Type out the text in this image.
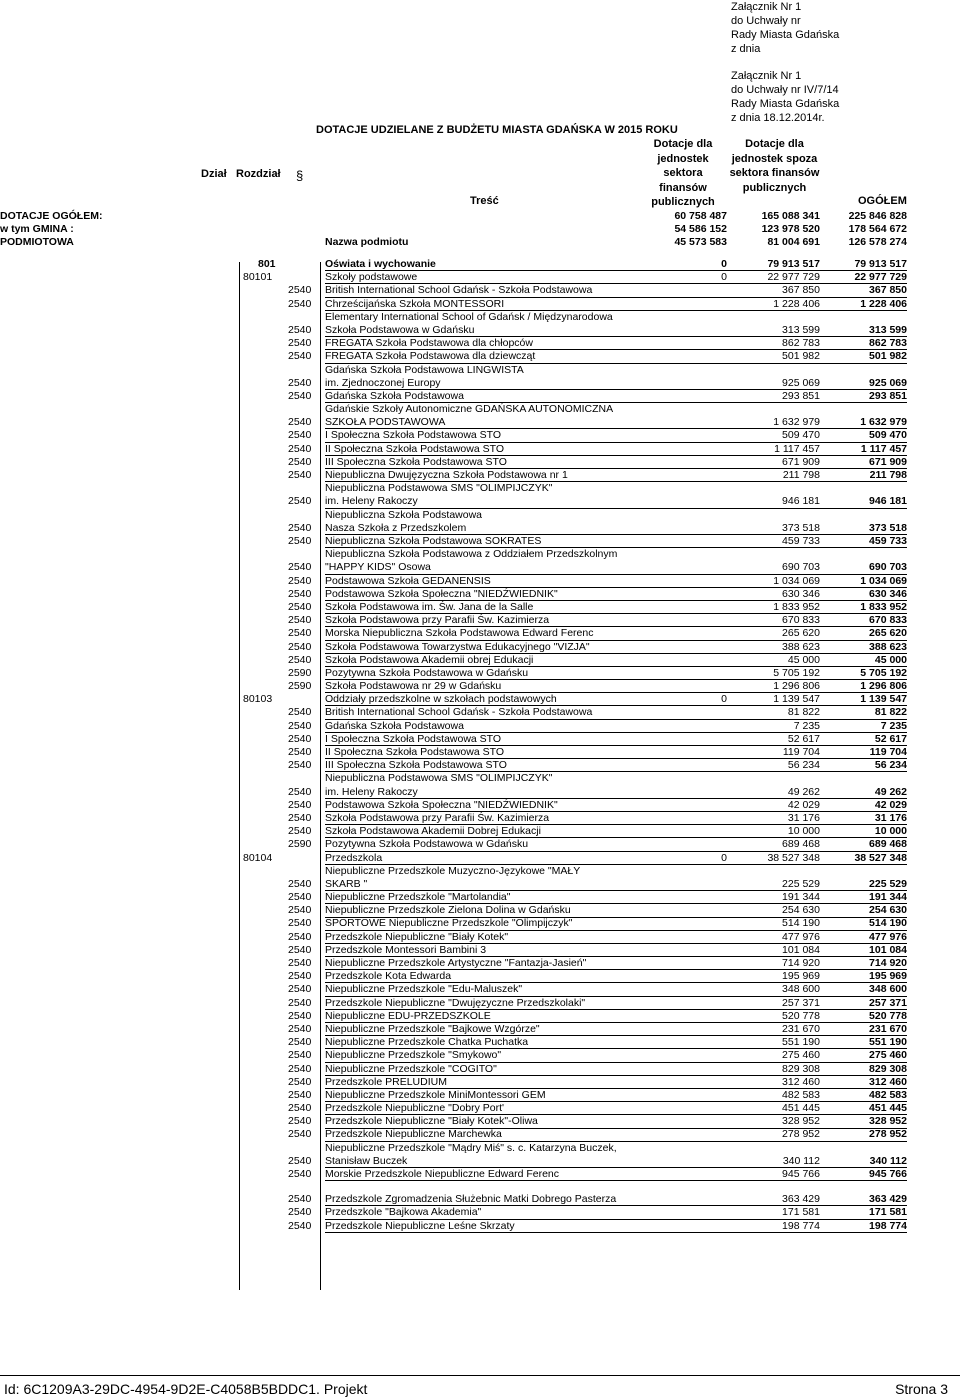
Załącznik Nr 1
do Uchwały nr
Rady Miasta Gdańska
z dnia
Załącznik Nr 1
do Uchwały nr IV/7/14
Rady Miasta Gdańska
z dnia 18.12.2014r.
DOTACJE UDZIELANE Z BUDŻETU MIASTA GDAŃSKA W 2015 ROKU
Dział Rozdział §
Treść
Dotacje dla jednostek sektora finansów publicznych
Dotacje dla jednostek spoza sektora finansów publicznych
OGÓŁEM
DOTACJE OGÓŁEM:	60 758 487	165 088 341	225 846 828
w tym GMINA :	54 586 152	123 978 520	178 564 672
PODMIOTOWA	Nazwa podmiotu	45 573 583	81 004 691	126 578 274
801	Oświata i wychowanie	0	79 913 517	79 913 517
80101	Szkoły podstawowe	0	22 977 729	22 977 729
2540 British International School Gdańsk - Szkoła Podstawowa	367 850	367 850
2540 Chrześcijańska Szkoła MONTESSORI	1 228 406	1 228 406
2540
Elementary International School of Gdańsk / Międzynarodowa
Szkoła Podstawowa w Gdańsku	313 599	313 599
2540 FREGATA Szkoła Podstawowa dla chłopców	862 783	862 783
2540 FREGATA Szkoła Podstawowa dla dziewcząt	501 982	501 982
2540
Gdańska Szkoła Podstawowa LINGWISTA
im. Zjednoczonej Europy	925 069	925 069
2540 Gdańska Szkoła Podstawowa	293 851	293 851
2540
Gdańskie Szkoły Autonomiczne GDAŃSKA AUTONOMICZNA
SZKOŁA PODSTAWOWA	1 632 979	1 632 979
2540 I Społeczna Szkoła Podstawowa STO	509 470	509 470
2540 II Społeczna Szkoła Podstawowa STO	1 117 457	1 117 457
2540 III Społeczna Szkoła Podstawowa STO	671 909	671 909
2540 Niepubliczna Dwujęzyczna Szkoła Podstawowa nr 1	211 798	211 798
2540
Niepubliczna Podstawowa SMS "OLIMPIJCZYK"
im. Heleny Rakoczy	946 181	946 181
2540
Niepubliczna Szkoła Podstawowa
Nasza Szkoła z Przedszkolem	373 518	373 518
2540 Niepubliczna Szkoła Podstawowa SOKRATES	459 733	459 733
2540
Niepubliczna Szkoła Podstawowa z Oddziałem Przedszkolnym
"HAPPY KIDS" Osowa	690 703	690 703
2540 Podstawowa Szkoła GEDANENSIS	1 034 069	1 034 069
2540 Podstawowa Szkoła Społeczna "NIEDŹWIEDNIK"	630 346	630 346
2540 Szkoła Podstawowa im. Św. Jana de la Salle	1 833 952	1 833 952
2540 Szkoła Podstawowa przy Parafii Św. Kazimierza	670 833	670 833
2540 Morska Niepubliczna Szkoła Podstawowa Edward Ferenc	265 620	265 620
2540 Szkoła Podstawowa Towarzystwa Edukacyjnego "VIZJA"	388 623	388 623
2540 Szkoła Podstawowa Akademii obrej Edukacji	45 000	45 000
2590 Pozytywna Szkoła Podstawowa w Gdańsku	5 705 192	5 705 192
2590 Szkoła Podstawowa nr 29 w Gdańsku	1 296 806	1 296 806
80103	Oddziały przedszkolne w szkołach podstawowych	0	1 139 547	1 139 547
2540 British International School Gdańsk - Szkoła Podstawowa	81 822	81 822
2540 Gdańska Szkoła Podstawowa	7 235	7 235
2540 I Społeczna Szkoła Podstawowa STO	52 617	52 617
2540 II Społeczna Szkoła Podstawowa STO	119 704	119 704
2540 III Społeczna Szkoła Podstawowa STO	56 234	56 234
2540
Niepubliczna Podstawowa SMS "OLIMPIJCZYK"
im. Heleny Rakoczy	49 262	49 262
2540 Podstawowa Szkoła Społeczna "NIEDŹWIEDNIK"	42 029	42 029
2540 Szkoła Podstawowa przy Parafii Św. Kazimierza	31 176	31 176
2540 Szkoła Podstawowa Akademii Dobrej Edukacji	10 000	10 000
2590 Pozytywna Szkoła Podstawowa w Gdańsku	689 468	689 468
80104	Przedszkola	0	38 527 348	38 527 348
2540
Niepubliczne Przedszkole Muzyczno-Językowe "MAŁY
SKARB "	225 529	225 529
2540 Niepubliczne Przedszkole "Martolandia"	191 344	191 344
2540 Niepubliczne Przedszkole Zielona Dolina w Gdańsku	254 630	254 630
2540 SPORTOWE Niepubliczne Przedszkole "Olimpijczyk"	514 190	514 190
2540 Przedszkole Niepubliczne "Biały Kotek"	477 976	477 976
2540 Przedszkole Montessori Bambini 3	101 084	101 084
2540 Niepubliczne Przedszkole Artystyczne "Fantazja-Jasień"	714 920	714 920
2540 Przedszkole Kota Edwarda	195 969	195 969
2540 Niepubliczne Przedszkole "Edu-Maluszek"	348 600	348 600
2540 Przedszkole Niepubliczne "Dwujęzyczne Przedszkolaki"	257 371	257 371
2540 Niepubliczne EDU-PRZEDSZKOLE	520 778	520 778
2540 Niepubliczne Przedszkole "Bajkowe Wzgórze"	231 670	231 670
2540 Niepubliczne Przedszkole Chatka Puchatka	551 190	551 190
2540 Niepubliczne Przedszkole "Smykowo"	275 460	275 460
2540 Niepubliczne Przedszkole "COGITO"	829 308	829 308
2540 Przedszkole PRELUDIUM	312 460	312 460
2540 Niepubliczne Przedszkole MiniMontessori GEM	482 583	482 583
2540 Przedszkole Niepubliczne "Dobry Port'	451 445	451 445
2540 Przedszkole Niepubliczne "Biały Kotek"-Oliwa	328 952	328 952
2540 Przedszkole Niepubliczne Marchewka	278 952	278 952
2540
Niepubliczne Przedszkole "Mądry Miś" s. c. Katarzyna Buczek,
Stanisław Buczek	340 112	340 112
2540 Morskie Przedszkole Niepubliczne Edward Ferenc	945 766	945 766
2540 Przedszkole Zgromadzenia Służebnic Matki Dobrego Pasterza	363 429	363 429
2540 Przedszkole "Bajkowa Akademia"	171 581	171 581
2540 Przedszkole Niepubliczne Leśne Skrzaty	198 774	198 774
Id: 6C1209A3-29DC-4954-9D2E-C4058B5BDDC1. Projekt	Strona 3
